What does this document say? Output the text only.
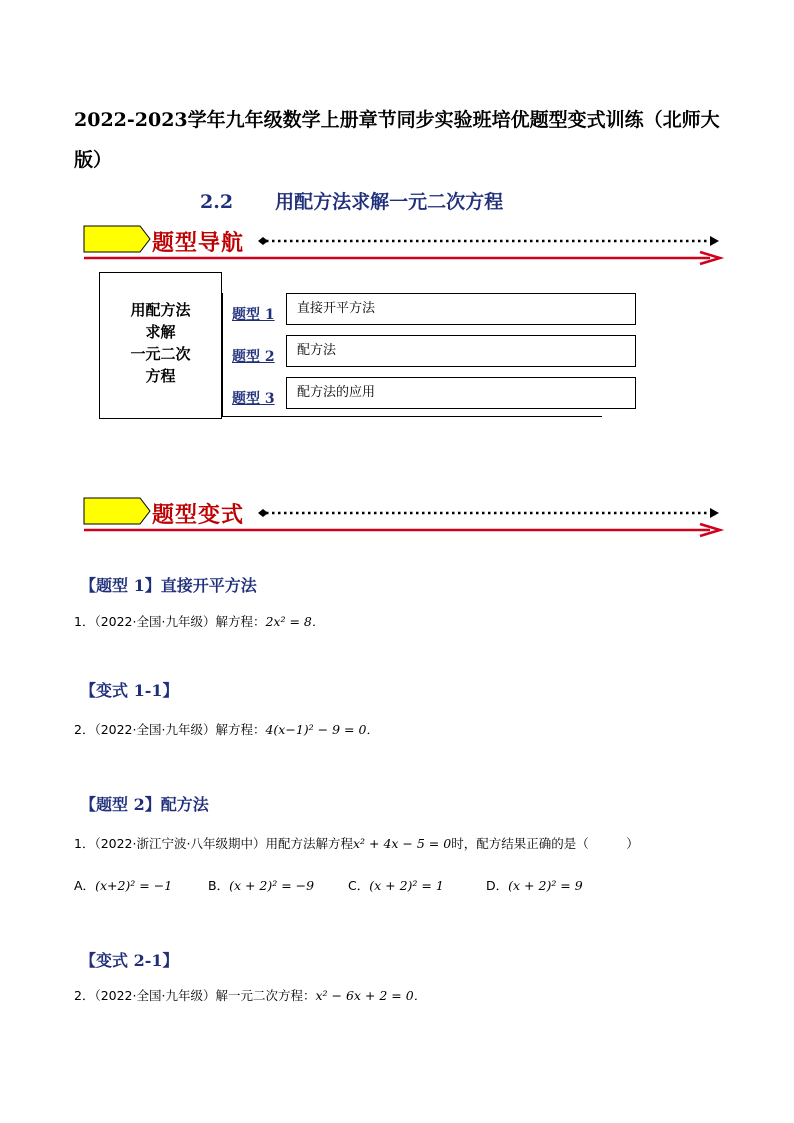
2022-2023学年九年级数学上册章节同步实验班培优题型变式训练（北师大版）
2.2 用配方法求解一元二次方程
题型导航
用配方法
求解
一元二次
方程
题型 1	直接开平方法
题型 2	配方法
题型 3	配方法的应用
题型变式
【题型 1】直接开平方法
1．（2022·全国·九年级）解方程：2x² = 8．
【变式 1-1】
2．（2022·全国·九年级）解方程：4(x−1)² − 9 = 0．
【题型 2】配方法
1．（2022·浙江宁波·八年级期中）用配方法解方程x² + 4x − 5 = 0时，配方结果正确的是（　　　）
A．(x+2)² = −1	B．(x + 2)² = −9	C．(x + 2)² = 1	D．(x + 2)² = 9
【变式 2-1】
2．（2022·全国·九年级）解一元二次方程：x² − 6x + 2 = 0．
